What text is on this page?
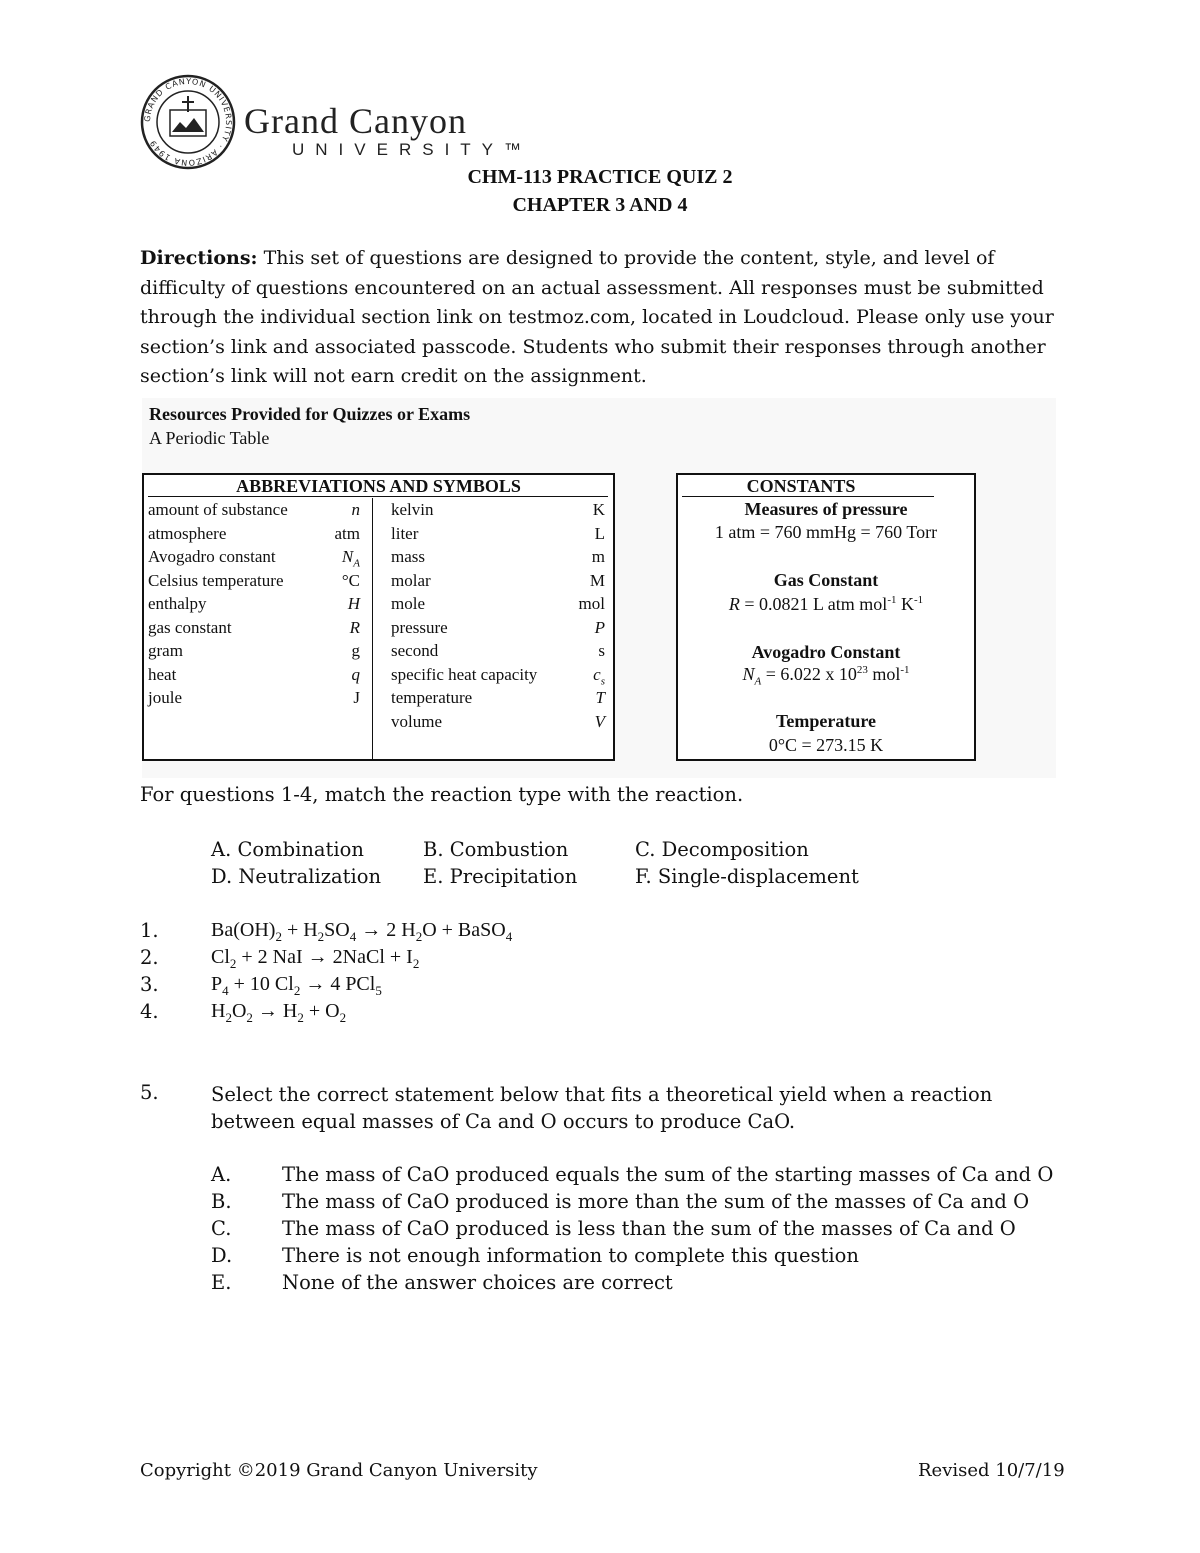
GRAND CANYON UNIVERSITY · ARIZONA 1949
Grand Canyon
UNIVERSITY™
CHM-113 PRACTICE QUIZ 2
CHAPTER 3 AND 4
Directions: This set of questions are designed to provide the content, style, and level of difficulty of questions encountered on an actual assessment. All responses must be submitted through the individual section link on testmoz.com, located in Loudcloud. Please only use your section’s link and associated passcode. Students who submit their responses through another section’s link will not earn credit on the assignment.
Resources Provided for Quizzes or Exams
A Periodic Table
ABBREVIATIONS AND SYMBOLS
amount of substance	n
atmosphere	atm
Avogadro constant	$N_A$
Celsius temperature	°C
enthalpy	H
gas constant	R
gram	g
heat	q
joule	J
kelvin	K
liter	L
mass	m
molar	M
mole	mol
pressure	P
second	s
specific heat capacity	$c_s$
temperature	T
volume	V
CONSTANTS
Measures of pressure
1 atm = 760 mmHg = 760 Torr
Gas Constant
R = 0.0821 L atm mol$^{-1}$ $K^{-1}$
Avogadro Constant
$N_A = 6.022$ x $10^{23}$ mol$^{-1}$
Temperature
0°C = 273.15 K
For questions 1-4, match the reaction type with the reaction.
A. Combination	B. Combustion	C. Decomposition
D. Neutralization E. Precipitation	F. Single-displacement
1.	$Ba(OH)_2 + H_2SO_4 \to 2$ $H_2O$ + BaSO$_4$
2.	$Cl_2 + 2$ NaI → 2NaCl + $I_2$
3.	$P_4 + 10$ $Cl_2 \to 4$ PCl$_5$
4.	$H_2O_2 \to H_2 + O_2$
5.	Select the correct statement below that fits a theoretical yield when a reaction between equal masses of Ca and O occurs to produce CaO.
A.	The mass of CaO produced equals the sum of the starting masses of Ca and O
B.	The mass of CaO produced is more than the sum of the masses of Ca and O
C.	The mass of CaO produced is less than the sum of the masses of Ca and O
D.	There is not enough information to complete this question
E.	None of the answer choices are correct
Copyright ©2019 Grand Canyon University	Revised 10/7/19
